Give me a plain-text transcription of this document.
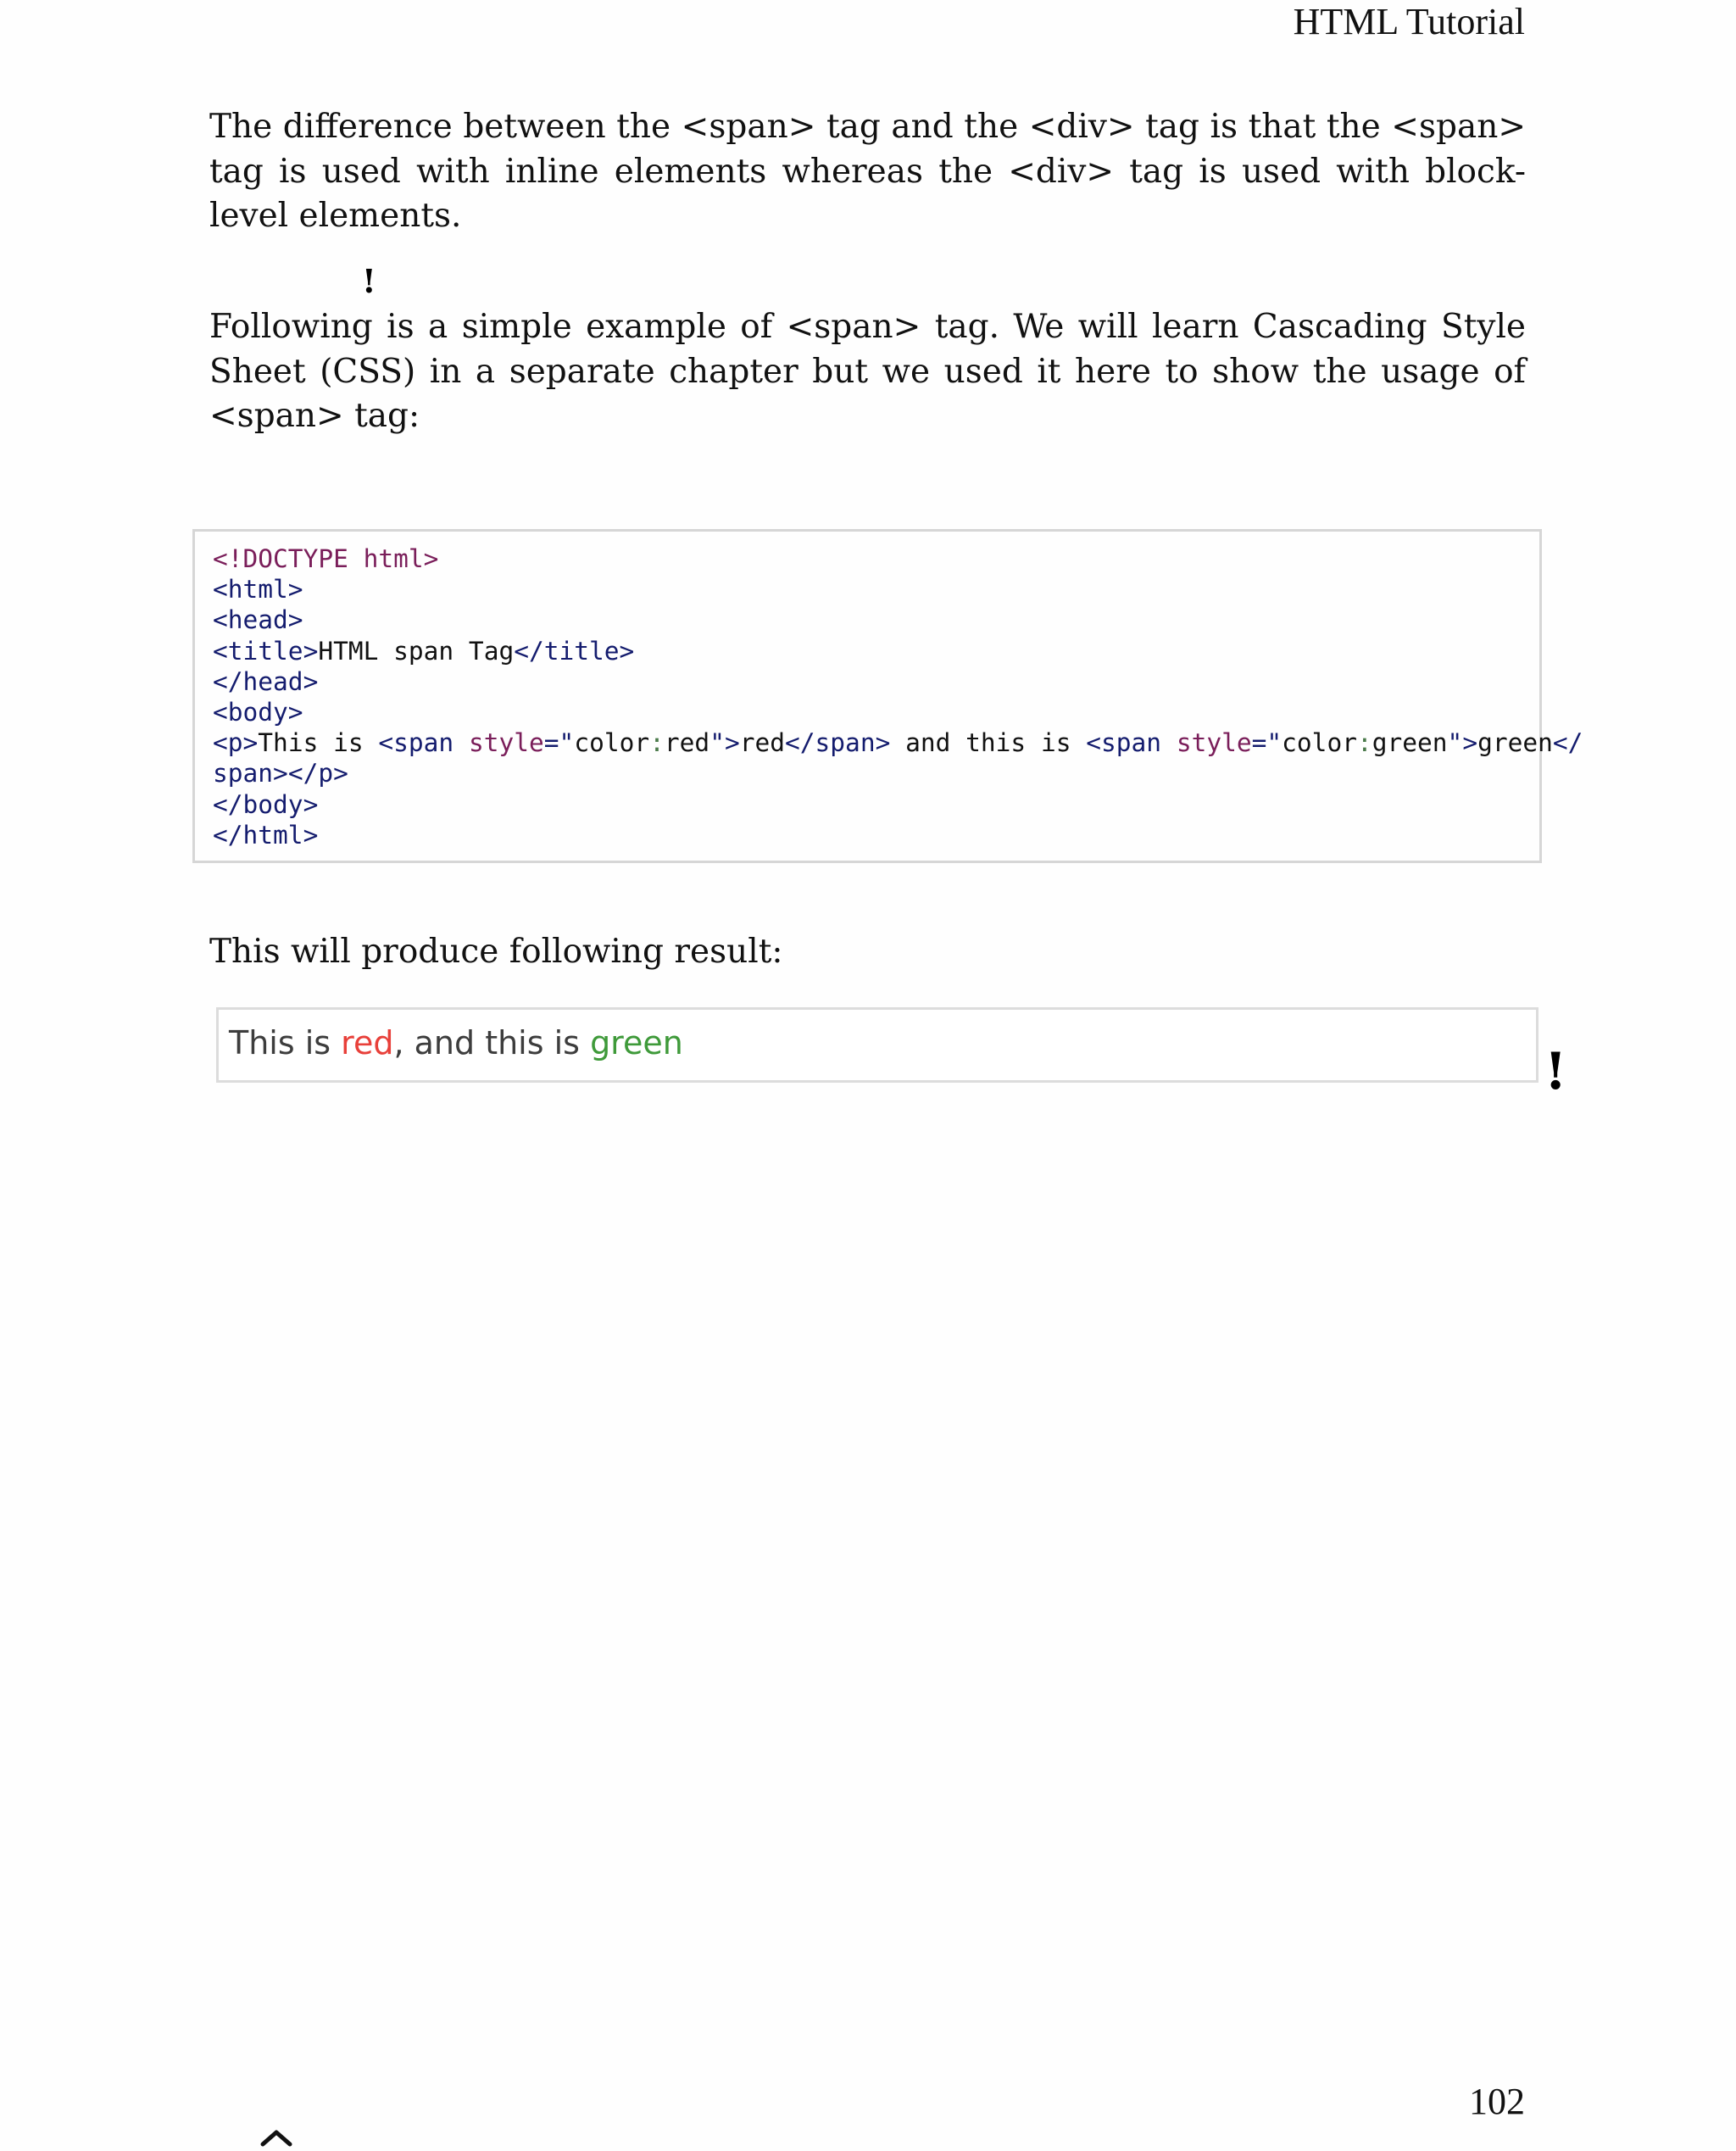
HTML Tutorial

The difference between the <span> tag and the <div> tag is that the <span> tag is used with inline elements whereas the <div> tag is used with block-level elements.

!

Following is a simple example of <span> tag. We will learn Cascading Style Sheet (CSS) in a separate chapter but we used it here to show the usage of <span> tag:

<!DOCTYPE html>
<html>
<head>
<title>HTML span Tag</title>
</head>
<body>
<p>This is <span style="color:red">red</span> and this is <span style="color:green">green</
span></p>
</body>
</html>

This will produce following result:

This is red, and this is green	!
102
